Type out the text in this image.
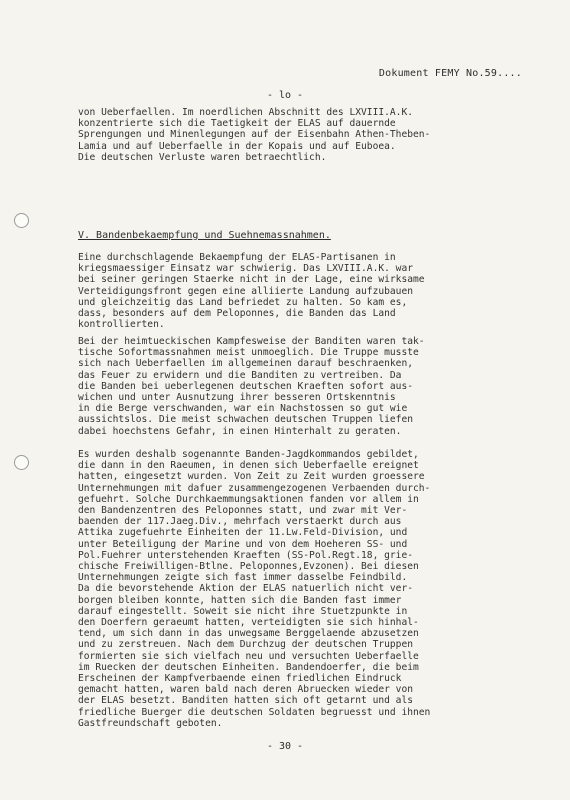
Dokument FEMY No.59....
- lo -
von Ueberfaellen. Im noerdlichen Abschnitt des LXVIII.A.K.
konzentrierte sich die Taetigkeit der ELAS auf dauernde
Sprengungen und Minenlegungen auf der Eisenbahn Athen-Theben-
Lamia und auf Ueberfaelle in der Kopais und auf Euboea.
Die deutschen Verluste waren betraechtlich.
V. Bandenbekaempfung und Suehnemassnahmen.
Eine durchschlagende Bekaempfung der ELAS-Partisanen in
kriegsmaessiger Einsatz war schwierig. Das LXVIII.A.K. war
bei seiner geringen Staerke nicht in der Lage, eine wirksame
Verteidigungsfront gegen eine alliierte Landung aufzubauen
und gleichzeitig das Land befriedet zu halten. So kam es,
dass, besonders auf dem Peloponnes, die Banden das Land
kontrollierten.
Bei der heimtueckischen Kampfesweise der Banditen waren tak-
tische Sofortmassnahmen meist unmoeglich. Die Truppe musste
sich nach Ueberfaellen im allgemeinen darauf beschraenken,
das Feuer zu erwidern und die Banditen zu vertreiben. Da
die Banden bei ueberlegenen deutschen Kraeften sofort aus-
wichen und unter Ausnutzung ihrer besseren Ortskenntnis
in die Berge verschwanden, war ein Nachstossen so gut wie
aussichtslos. Die meist schwachen deutschen Truppen liefen
dabei hoechstens Gefahr, in einen Hinterhalt zu geraten.
Es wurden deshalb sogenannte Banden-Jagdkommandos gebildet,
die dann in den Raeumen, in denen sich Ueberfaelle ereignet
hatten, eingesetzt wurden. Von Zeit zu Zeit wurden groessere
Unternehmungen mit dafuer zusammengezogenen Verbaenden durch-
gefuehrt. Solche Durchkaemmungsaktionen fanden vor allem in
den Bandenzentren des Peloponnes statt, und zwar mit Ver-
baenden der 117.Jaeg.Div., mehrfach verstaerkt durch aus
Attika zugefuehrte Einheiten der 11.Lw.Feld-Division, und
unter Beteiligung der Marine und von dem Hoeheren SS- und
Pol.Fuehrer unterstehenden Kraeften (SS-Pol.Regt.18, grie-
chische Freiwilligen-Btlne. Peloponnes,Evzonen). Bei diesen
Unternehmungen zeigte sich fast immer dasselbe Feindbild.
Da die bevorstehende Aktion der ELAS natuerlich nicht ver-
borgen bleiben konnte, hatten sich die Banden fast immer
darauf eingestellt. Soweit sie nicht ihre Stuetzpunkte in
den Doerfern geraeumt hatten, verteidigten sie sich hinhal-
tend, um sich dann in das unwegsame Berggelaende abzusetzen
und zu zerstreuen. Nach dem Durchzug der deutschen Truppen
formierten sie sich vielfach neu und versuchten Ueberfaelle
im Ruecken der deutschen Einheiten. Bandendoerfer, die beim
Erscheinen der Kampfverbaende einen friedlichen Eindruck
gemacht hatten, waren bald nach deren Abruecken wieder von
der ELAS besetzt. Banditen hatten sich oft getarnt und als
friedliche Buerger die deutschen Soldaten begruesst und ihnen
Gastfreundschaft geboten.
- 30 -
